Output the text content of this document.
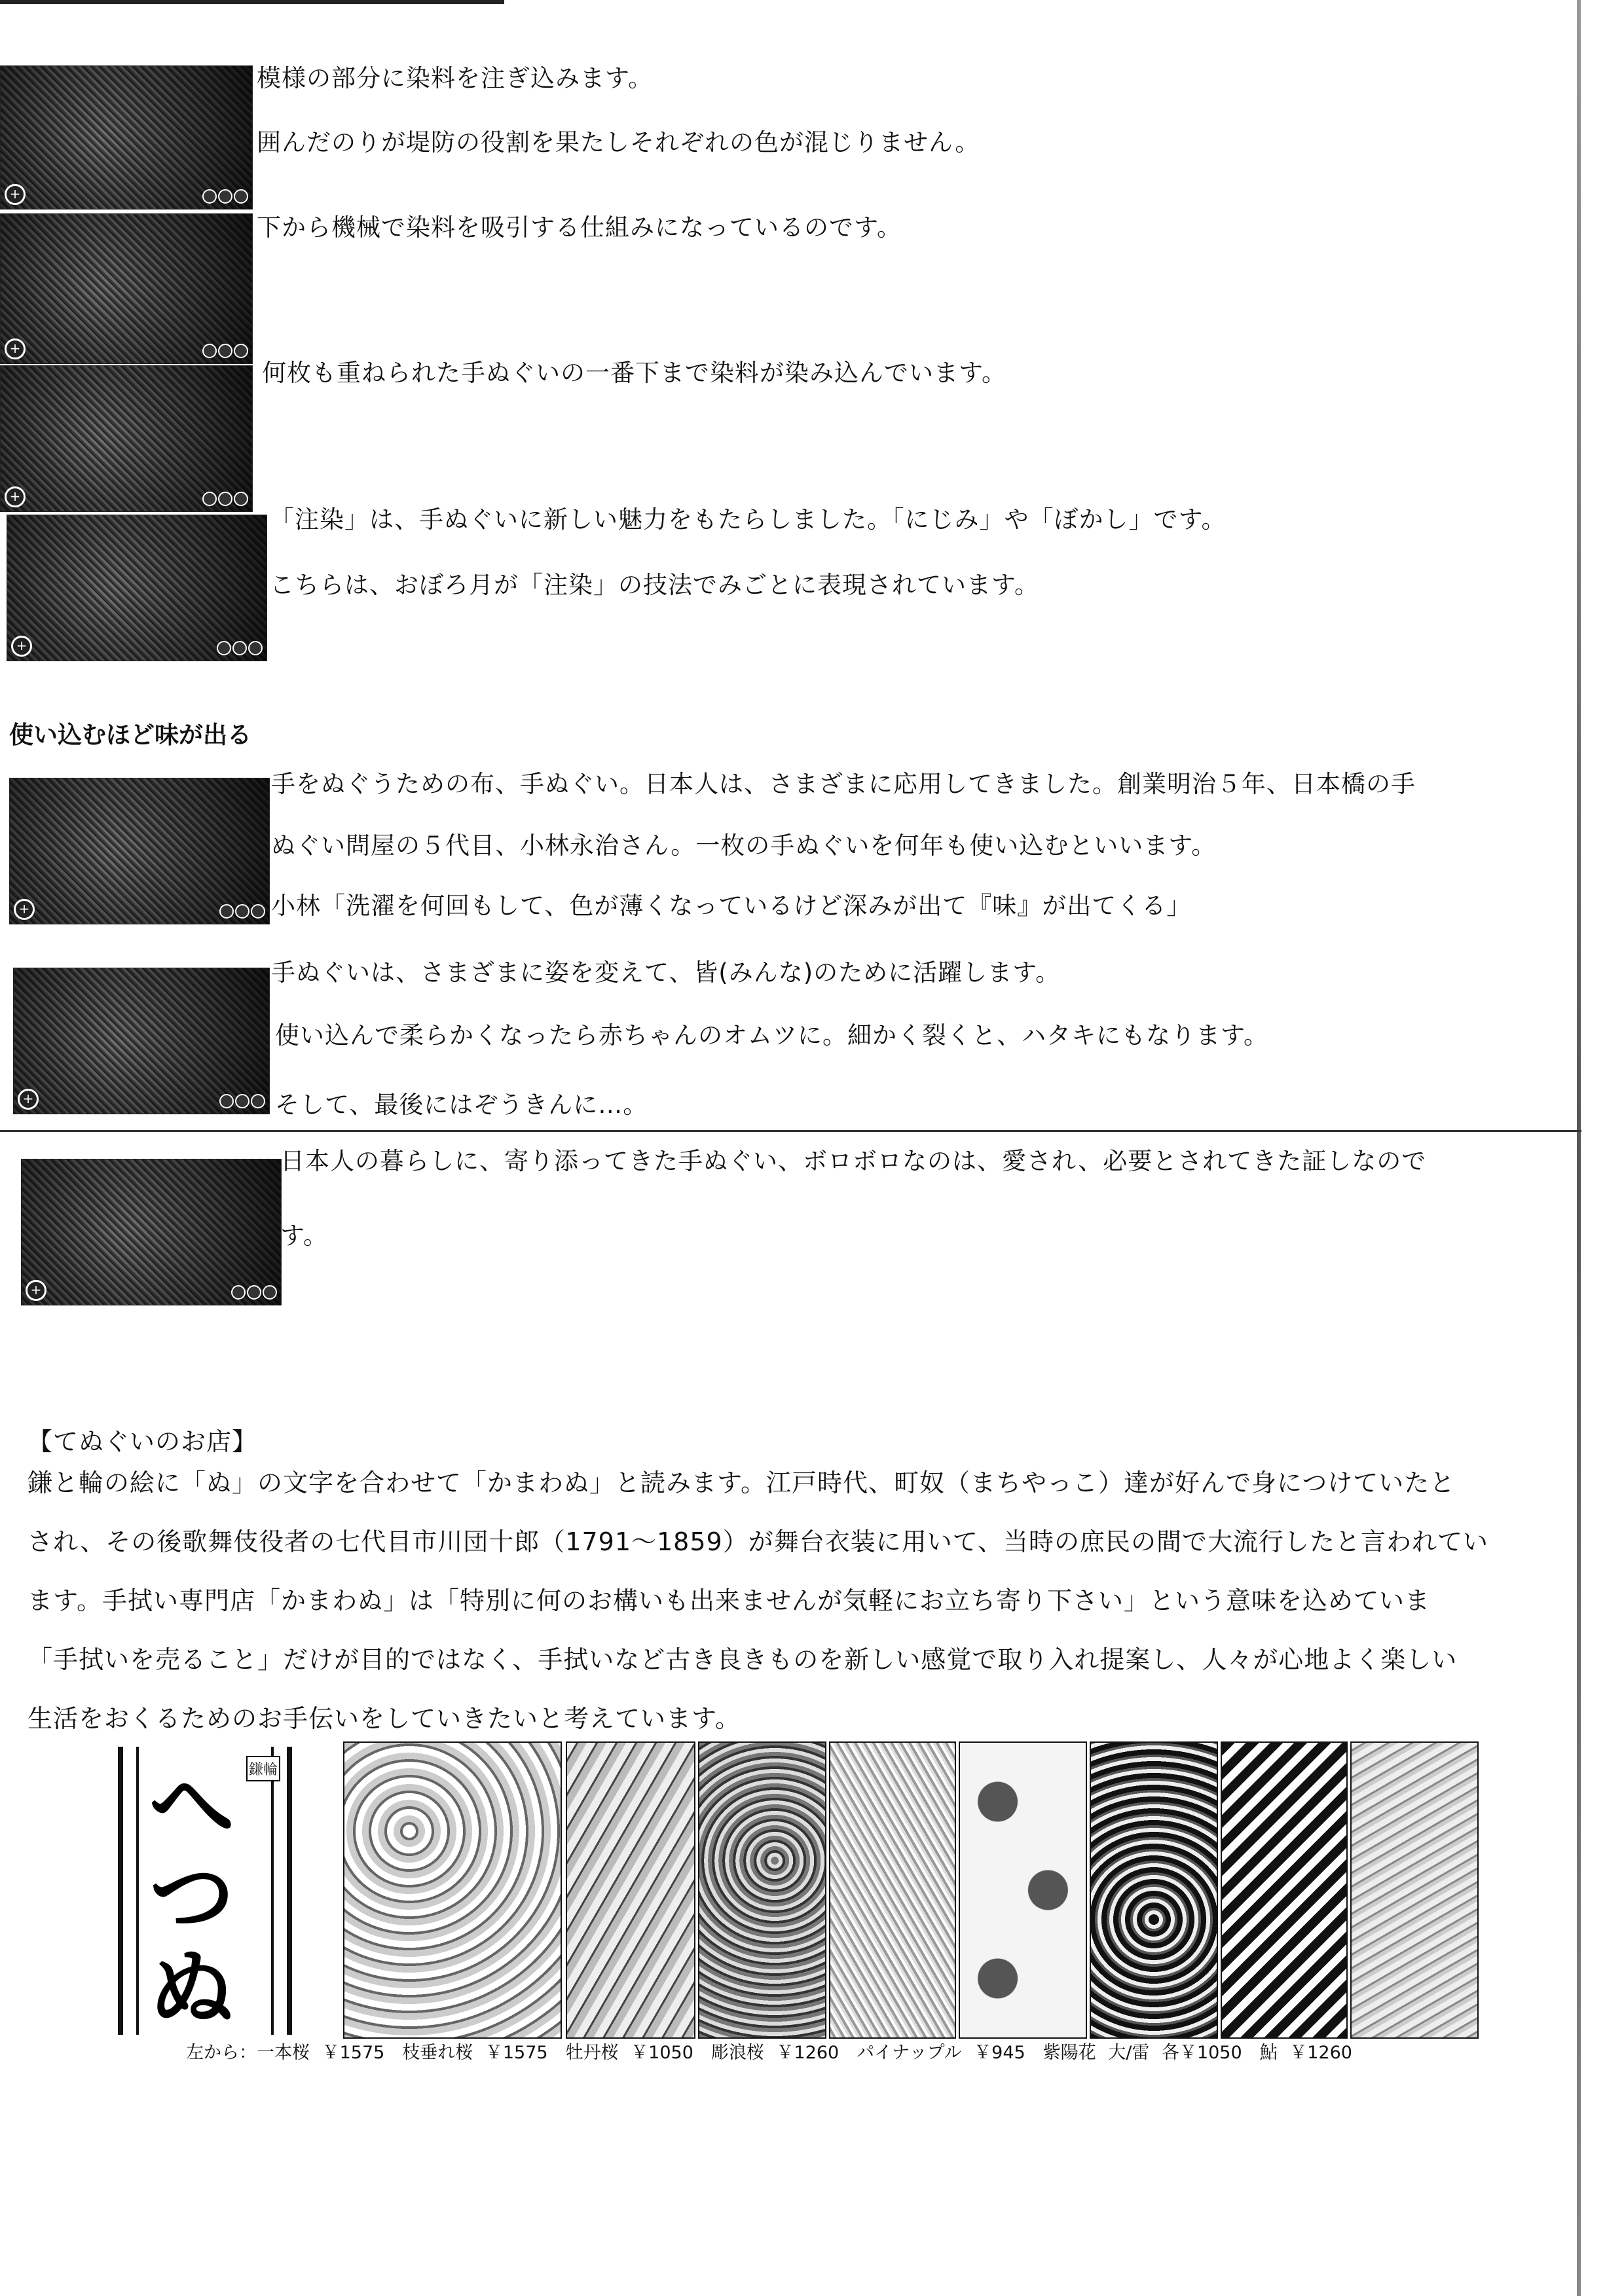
+
+
+
+
模様の部分に染料を注ぎ込みます。
囲んだのりが堤防の役割を果たしそれぞれの色が混じりません。
下から機械で染料を吸引する仕組みになっているのです。
何枚も重ねられた手ぬぐいの一番下まで染料が染み込んでいます。
「注染」は、手ぬぐいに新しい魅力をもたらしました。「にじみ」や「ぼかし」です。
こちらは、おぼろ月が「注染」の技法でみごとに表現されています。
使い込むほど味が出る
+
+
+
手をぬぐうための布、手ぬぐい。日本人は、さまざまに応用してきました。創業明治５年、日本橋の手
ぬぐい問屋の５代目、小林永治さん。一枚の手ぬぐいを何年も使い込むといいます。
小林「洗濯を何回もして、色が薄くなっているけど深みが出て『味』が出てくる」
手ぬぐいは、さまざまに姿を変えて、皆(みんな)のために活躍します。
使い込んで柔らかくなったら赤ちゃんのオムツに。細かく裂くと、ハタキにもなります。
そして、最後にはぞうきんに…。
日本人の暮らしに、寄り添ってきた手ぬぐい、ボロボロなのは、愛され、必要とされてきた証しなので
す。
【てぬぐいのお店】
鎌と輪の絵に「ぬ」の文字を合わせて「かまわぬ」と読みます。江戸時代、町奴（まちやっこ）達が好んで身につけていたと
され、その後歌舞伎役者の七代目市川団十郎（1791〜1859）が舞台衣装に用いて、当時の庶民の間で大流行したと言われてい
ます。手拭い専門店「かまわぬ」は「特別に何のお構いも出来ませんが気軽にお立ち寄り下さい」という意味を込めていま
「手拭いを売ること」だけが目的ではなく、手拭いなど古き良きものを新しい感覚で取り入れ提案し、人々が心地よく楽しい
生活をおくるためのお手伝いをしていきたいと考えています。
へつぬ
鎌輪
左から：一本桜 ￥1575　枝垂れ桜 ￥1575　牡丹桜 ￥1050　彫浪桜 ￥1260　パイナップル ￥945　紫陽花 大/雷 各￥1050　鮎 ￥1260
